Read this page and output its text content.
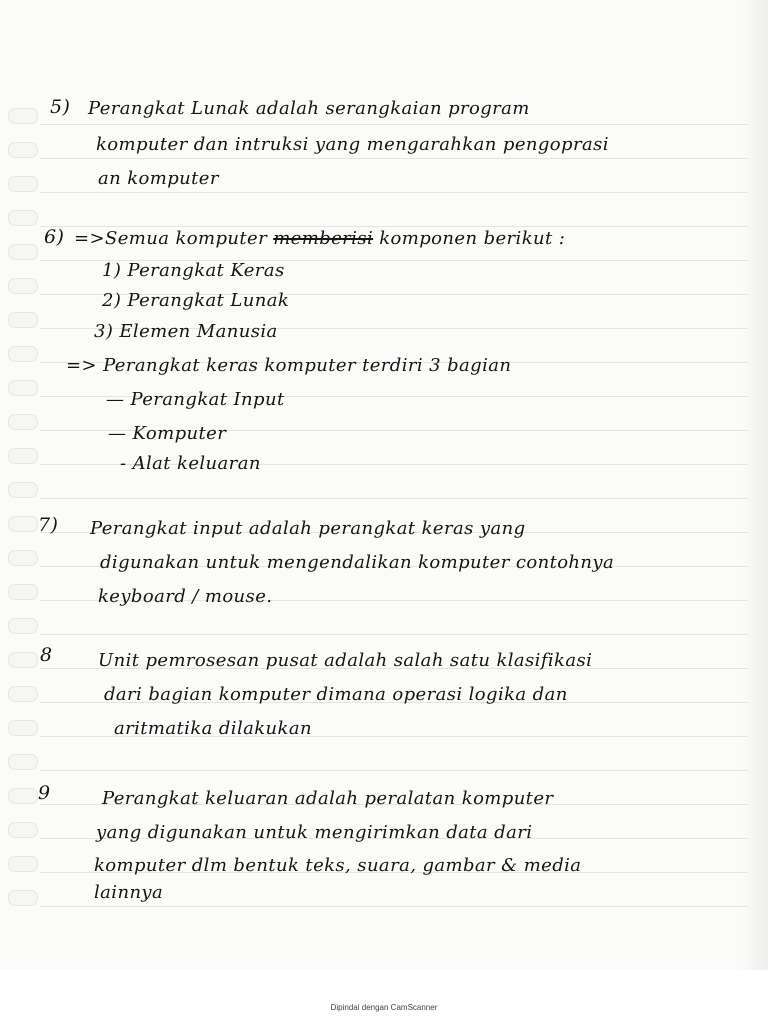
5) Perangkat Lunak adalah serangkaian program

komputer dan intruksi yang mengarahkan pengoprasi

an komputer

6) =>Semua komputer memberisi komponen berikut :

1) Perangkat Keras

2) Perangkat Lunak

3) Elemen Manusia

=> Perangkat keras komputer terdiri 3 bagian

— Perangkat Input

— Komputer

- Alat keluaran

7) Perangkat input adalah perangkat keras yang

digunakan untuk mengendalikan komputer contohnya

keyboard / mouse.

8	Unit pemrosesan pusat adalah salah satu klasifikasi

dari bagian komputer dimana operasi logika dan

aritmatika dilakukan

9	Perangkat keluaran adalah peralatan komputer

yang digunakan untuk mengirimkan data dari

komputer dlm bentuk teks, suara, gambar & media

lainnya

Dipindai dengan CamScanner
